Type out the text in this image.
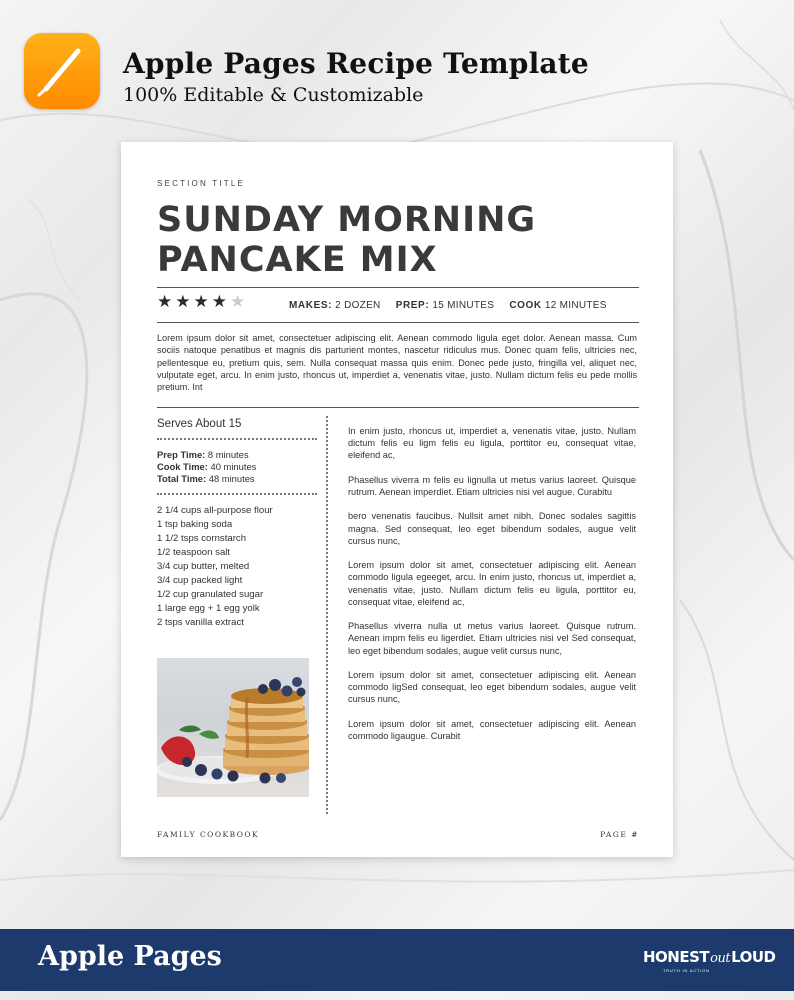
Apple Pages Recipe Template
100% Editable & Customizable
SECTION TITLE
SUNDAY MORNING
PANCAKE MIX
★ ★ ★ ★ ★	MAKES: 2 DOZEN PREP: 15 MINUTES COOK 12 MINUTES
Lorem ipsum dolor sit amet, consectetuer adipiscing elit. Aenean commodo ligula eget dolor. Aenean massa. Cum sociis natoque penatibus et magnis dis parturient montes, nascetur ridiculus mus. Donec quam felis, ultricies nec, pellentesque eu, pretium quis, sem. Nulla consequat massa quis enim. Donec pede justo, fringilla vel, aliquet nec, vulputate eget, arcu. In enim justo, rhoncus ut, imperdiet a, venenatis vitae, justo. Nullam dictum felis eu pede mollis pretium. Int
Serves About 15
Prep Time: 8 minutes
Cook Time: 40 minutes
Total Time: 48 minutes
2 1/4 cups all-purpose flour
1 tsp baking soda
1 1/2 tsps cornstarch
1/2 teaspoon salt
3/4 cup butter, melted
3/4 cup packed light
1/2 cup granulated sugar
1 large egg + 1 egg yolk
2 tsps vanilla extract

In enim justo, rhoncus ut, imperdiet a, venenatis vitae, justo. Nullam dictum felis eu ligm felis eu ligula, porttitor eu, consequat vitae, eleifend ac,

Phasellus viverra m felis eu lignulla ut metus varius laoreet. Quisque rutrum. Aenean imperdiet. Etiam ultricies nisi vel augue. Curabitu

bero venenatis faucibus. Nullsit amet nibh. Donec sodales sagittis magna. Sed consequat, leo eget bibendum sodales, augue velit cursus nunc,

Lorem ipsum dolor sit amet, consectetuer adipiscing elit. Aenean commodo ligula egeeget, arcu. In enim justo, rhoncus ut, imperdiet a, venenatis vitae, justo. Nullam dictum felis eu ligula, porttitor eu, consequat vitae, eleifend ac,

Phasellus viverra nulla ut metus varius laoreet. Quisque rutrum. Aenean impm felis eu ligerdiet. Etiam ultricies nisi vel Sed consequat, leo eget bibendum sodales, augue velit cursus nunc,

Lorem ipsum dolor sit amet, consectetuer adipiscing elit. Aenean commodo ligSed consequat, leo eget bibendum sodales, augue velit cursus nunc,

Lorem ipsum dolor sit amet, consectetuer adipiscing elit. Aenean commodo ligaugue. Curabit

FAMILY COOKBOOK	PAGE #
Apple Pages	HONESToutLOUD
TRUTH IN ACTION
